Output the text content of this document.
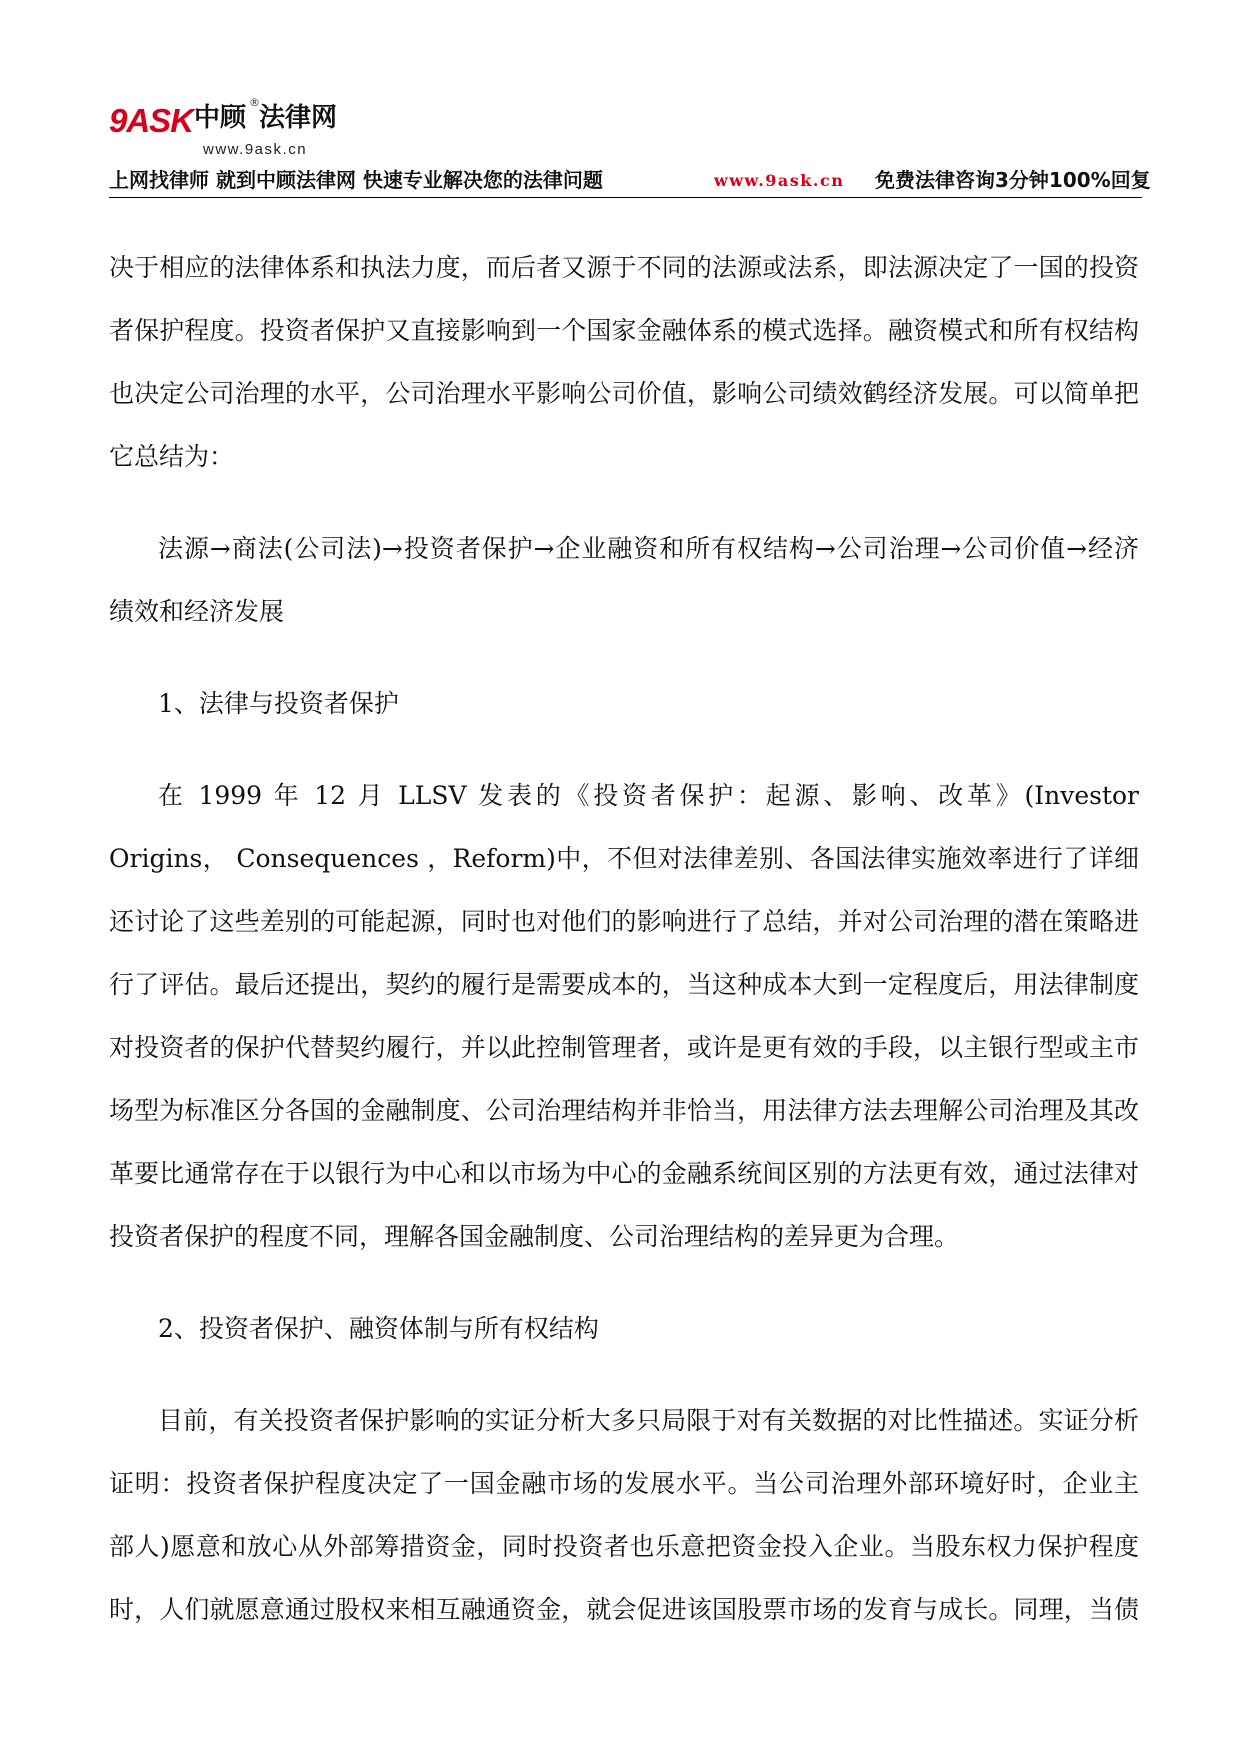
9ASK 中顾
®
法律网
www.9ask.cn
上网找律师 就到中顾法律网 快速专业解决您的法律问题	www.9ask.cn 免费法律咨询3分钟100%回复
决于相应的法律体系和执法力度，而后者又源于不同的法源或法系，即法源决定了一国的投资
者保护程度。投资者保护又直接影响到一个国家金融体系的模式选择。融资模式和所有权结构
也决定公司治理的水平，公司治理水平影响公司价值，影响公司绩效鹤经济发展。可以简单把
它总结为：
法源→商法(公司法)→投资者保护→企业融资和所有权结构→公司治理→公司价值→经济
绩效和经济发展
1、法律与投资者保护
在 1999 年 12 月 LLSV 发表的《投资者保护：起源、影响、改革》(Investor
Origins， Consequences ，Reform)中，不但对法律差别、各国法律实施效率进行了详细
还讨论了这些差别的可能起源，同时也对他们的影响进行了总结，并对公司治理的潜在策略进
行了评估。最后还提出，契约的履行是需要成本的，当这种成本大到一定程度后，用法律制度
对投资者的保护代替契约履行，并以此控制管理者，或许是更有效的手段，以主银行型或主市
场型为标准区分各国的金融制度、公司治理结构并非恰当，用法律方法去理解公司治理及其改
革要比通常存在于以银行为中心和以市场为中心的金融系统间区别的方法更有效，通过法律对
投资者保护的程度不同，理解各国金融制度、公司治理结构的差异更为合理。
2、投资者保护、融资体制与所有权结构
目前，有关投资者保护影响的实证分析大多只局限于对有关数据的对比性描述。实证分析
证明：投资者保护程度决定了一国金融市场的发展水平。当公司治理外部环境好时，企业主
部人)愿意和放心从外部筹措资金，同时投资者也乐意把资金投入企业。当股东权力保护程度
时，人们就愿意通过股权来相互融通资金，就会促进该国股票市场的发育与成长。同理，当债
